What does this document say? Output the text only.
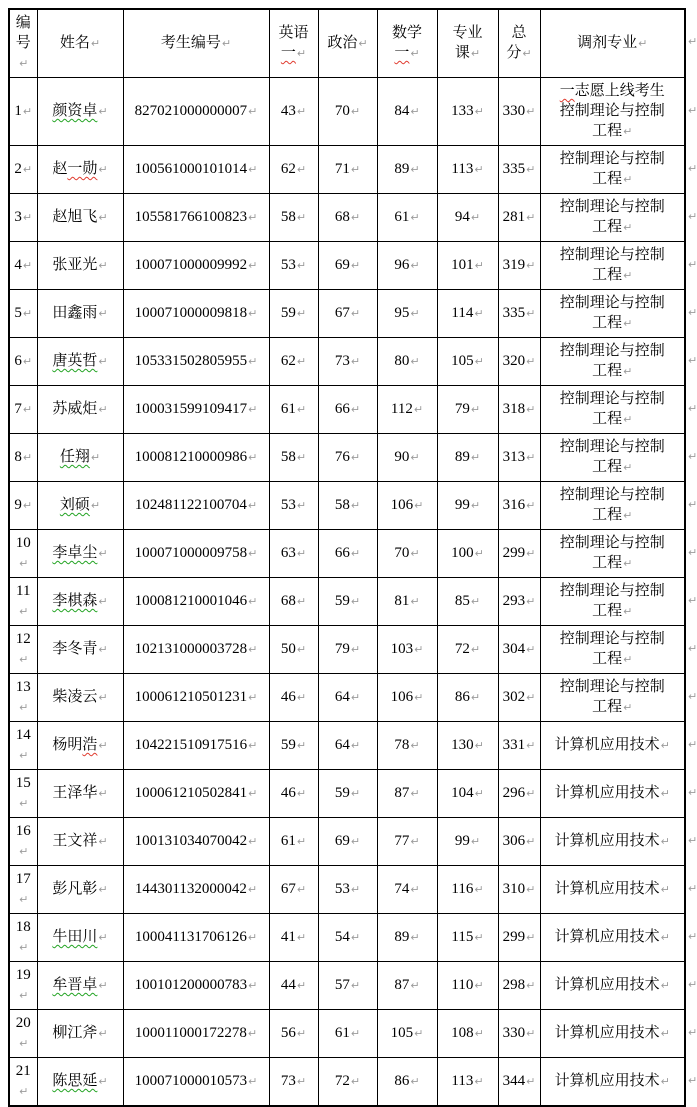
编
号↵	姓名↵	考生编号↵	英语
一↵	政治↵	数学
一↵	专业
课↵	总
分↵	调剂专业↵
1↵	颜资卓↵	827021000000007↵	43↵	70↵	84↵	133↵	330↵	一志愿上线考生
控制理论与控制
工程↵
2↵	赵一勋↵	100561000101014↵	62↵	71↵	89↵	113↵	335↵	控制理论与控制
工程↵
3↵	赵旭飞↵	105581766100823↵	58↵	68↵	61↵	94↵	281↵	控制理论与控制
工程↵
4↵	张亚光↵	100071000009992↵	53↵	69↵	96↵	101↵	319↵	控制理论与控制
工程↵
5↵	田鑫雨↵	100071000009818↵	59↵	67↵	95↵	114↵	335↵	控制理论与控制
工程↵
6↵	唐英哲↵	105331502805955↵	62↵	73↵	80↵	105↵	320↵	控制理论与控制
工程↵
7↵	苏威炬↵	100031599109417↵	61↵	66↵	112↵	79↵	318↵	控制理论与控制
工程↵
8↵	任翔↵	100081210000986↵	58↵	76↵	90↵	89↵	313↵	控制理论与控制
工程↵
9↵	刘硕↵	102481122100704↵	53↵	58↵	106↵	99↵	316↵	控制理论与控制
工程↵
10↵	李卓尘↵	100071000009758↵	63↵	66↵	70↵	100↵	299↵	控制理论与控制
工程↵
11↵	李棋森↵	100081210001046↵	68↵	59↵	81↵	85↵	293↵	控制理论与控制
工程↵
12↵	李冬青↵	102131000003728↵	50↵	79↵	103↵	72↵	304↵	控制理论与控制
工程↵
13↵	柴凌云↵	100061210501231↵	46↵	64↵	106↵	86↵	302↵	控制理论与控制
工程↵
14↵	杨明浩↵	104221510917516↵	59↵	64↵	78↵	130↵	331↵	计算机应用技术↵
15↵	王泽华↵	100061210502841↵	46↵	59↵	87↵	104↵	296↵	计算机应用技术↵
16↵	王文祥↵	100131034070042↵	61↵	69↵	77↵	99↵	306↵	计算机应用技术↵
17↵	彭凡彰↵	144301132000042↵	67↵	53↵	74↵	116↵	310↵	计算机应用技术↵
18↵	牛田川↵	100041131706126↵	41↵	54↵	89↵	115↵	299↵	计算机应用技术↵
19↵	牟晋卓↵	100101200000783↵	44↵	57↵	87↵	110↵	298↵	计算机应用技术↵
20↵	柳江斧↵	100011000172278↵	56↵	61↵	105↵	108↵	330↵	计算机应用技术↵
21↵	陈思延↵	100071000010573↵	73↵	72↵	86↵	113↵	344↵	计算机应用技术↵
↵
↵
↵
↵
↵
↵
↵
↵
↵
↵
↵
↵
↵
↵
↵
↵
↵
↵
↵
↵
↵
↵
